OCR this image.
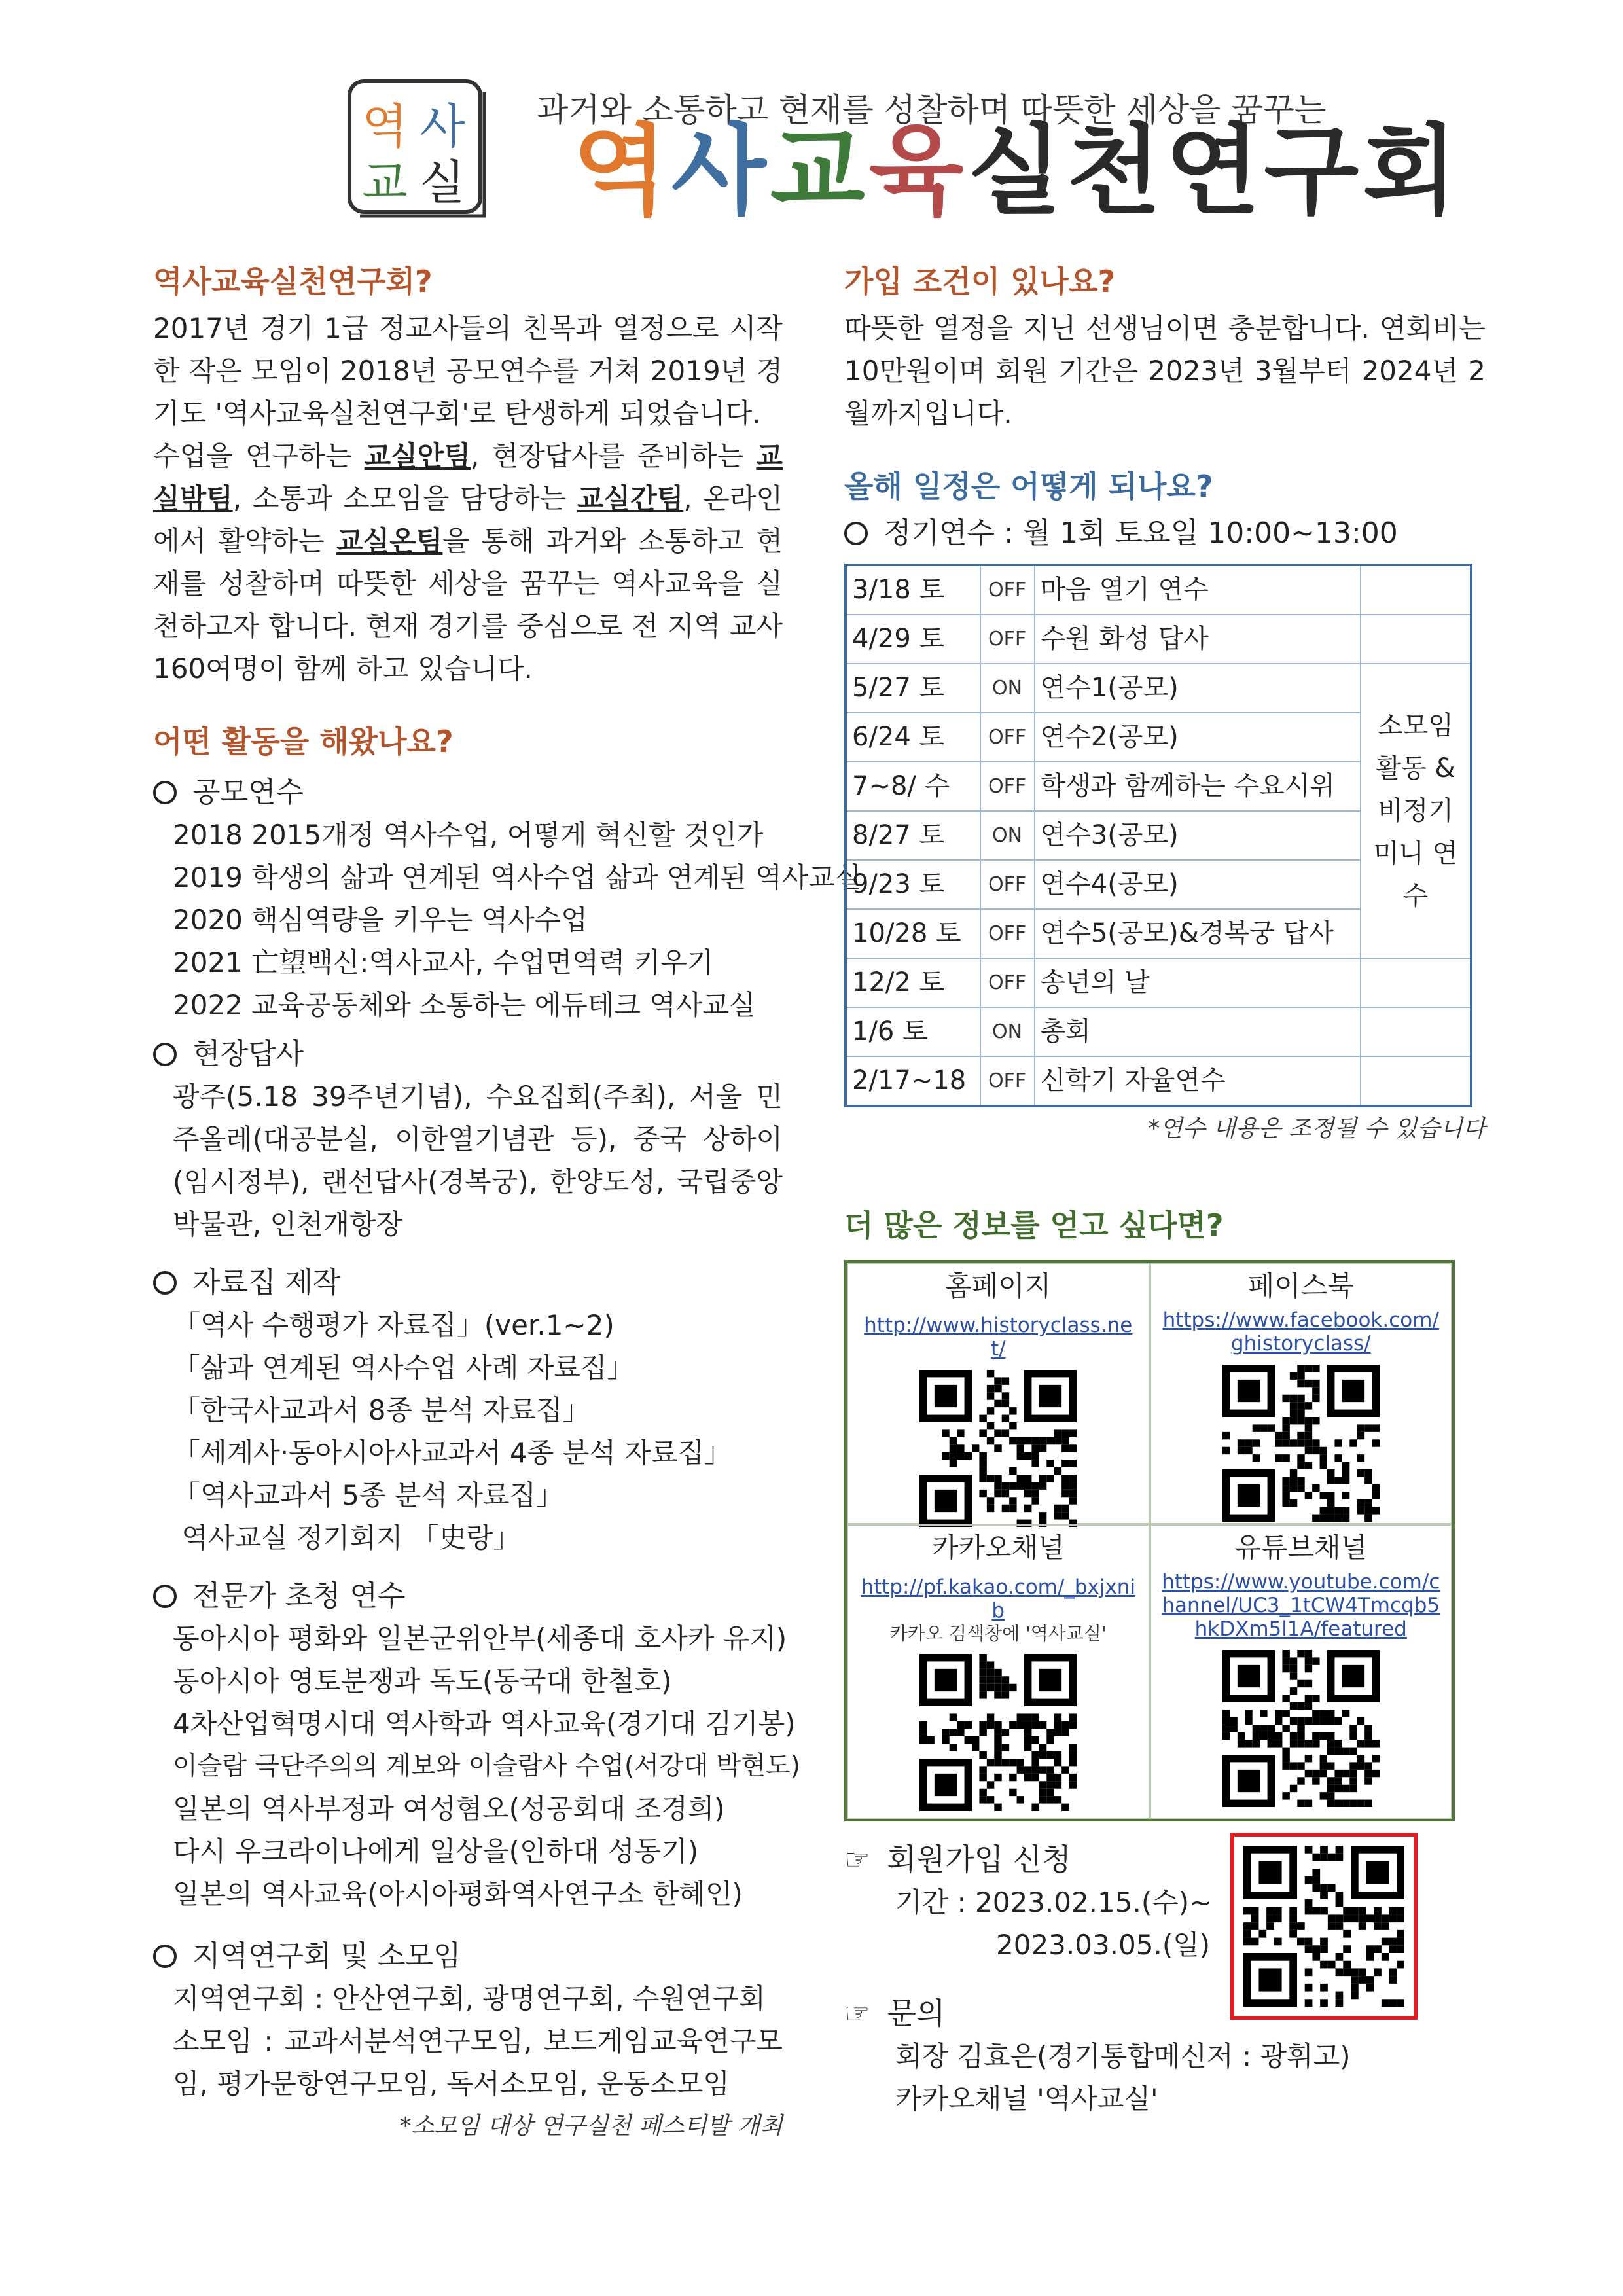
역 사
교 실
과거와 소통하고 현재를 성찰하며 따뜻한 세상을 꿈꾸는
역사교육실천연구회
역사교육실천연구회?

2017년 경기 1급 정교사들의 친목과 열정으로 시작한 작은 모임이 2018년 공모연수를 거쳐 2019년 경기도 '역사교육실천연구회'로 탄생하게 되었습니다.

수업을 연구하는 교실안팀, 현장답사를 준비하는 교실밖팀, 소통과 소모임을 담당하는 교실간팀, 온라인에서 활약하는 교실온팀을 통해 과거와 소통하고 현재를 성찰하며 따뜻한 세상을 꿈꾸는 역사교육을 실천하고자 합니다. 현재 경기를 중심으로 전 지역 교사 160여명이 함께 하고 있습니다.

어떤 활동을 해왔나요?
공모연수

2018 2015개정 역사수업, 어떻게 혁신할 것인가

2019 학생의 삶과 연계된 역사수업 삶과 연계된 역사교실

2020 핵심역량을 키우는 역사수업

2021 亡望백신:역사교사, 수업면역력 키우기

2022 교육공동체와 소통하는 에듀테크 역사교실

현장답사

광주(5.18 39주년기념), 수요집회(주최), 서울 민주올레(대공분실, 이한열기념관 등), 중국 상하이(임시정부), 랜선답사(경복궁), 한양도성, 국립중앙박물관, 인천개항장

자료집 제작

「역사 수행평가 자료집」(ver.1~2)

「삶과 연계된 역사수업 사례 자료집」

「한국사교과서 8종 분석 자료집」

「세계사·동아시아사교과서 4종 분석 자료집」

「역사교과서 5종 분석 자료집」

역사교실 정기회지 「史랑」

전문가 초청 연수

동아시아 평화와 일본군위안부(세종대 호사카 유지)

동아시아 영토분쟁과 독도(동국대 한철호)

4차산업혁명시대 역사학과 역사교육(경기대 김기봉)

이슬람 극단주의의 계보와 이슬람사 수업(서강대 박현도)

일본의 역사부정과 여성혐오(성공회대 조경희)

다시 우크라이나에게 일상을(인하대 성동기)

일본의 역사교육(아시아평화역사연구소 한혜인)

지역연구회 및 소모임

지역연구회 : 안산연구회, 광명연구회, 수원연구회

소모임 : 교과서분석연구모임, 보드게임교육연구모임, 평가문항연구모임, 독서소모임, 운동소모임

*소모임 대상 연구실천 페스티발 개최

가입 조건이 있나요?

따뜻한 열정을 지닌 선생님이면 충분합니다. 연회비는 10만원이며 회원 기간은 2023년 3월부터 2024년 2월까지입니다.

올해 일정은 어떻게 되나요?
정기연수 : 월 1회 토요일 10:00~13:00
3/18 토	OFF	마음 열기 연수	
4/29 토	OFF	수원 화성 답사	
5/27 토	ON	연수1(공모)	소모임 활동 & 비정기 미니 연수
6/24 토	OFF	연수2(공모)	
7~8/ 수	OFF	학생과 함께하는 수요시위	
8/27 토	ON	연수3(공모)	
9/23 토	OFF	연수4(공모)	
10/28 토	OFF	연수5(공모)&경복궁 답사	
12/2 토	OFF	송년의 날	
1/6 토	ON	총회	
2/17~18	OFF	신학기 자율연수	

*연수 내용은 조정될 수 있습니다

더 많은 정보를 얻고 싶다면?
홈페이지
http://www.historyclass.net/
페이스북
https://www.facebook.com/ghistoryclass/
카카오채널
http://pf.kakao.com/_bxjxnib
카카오 검색창에 '역사교실'
유튜브채널
https://www.youtube.com/channel/UC3_1tCW4Tmcqb5hkDXm5l1A/featured
☞ 회원가입 신청

기간 : 2023.02.15.(수)~

2023.03.05.(일)

☞ 문의

회장 김효은(경기통합메신저 : 광휘고)

카카오채널 '역사교실'
